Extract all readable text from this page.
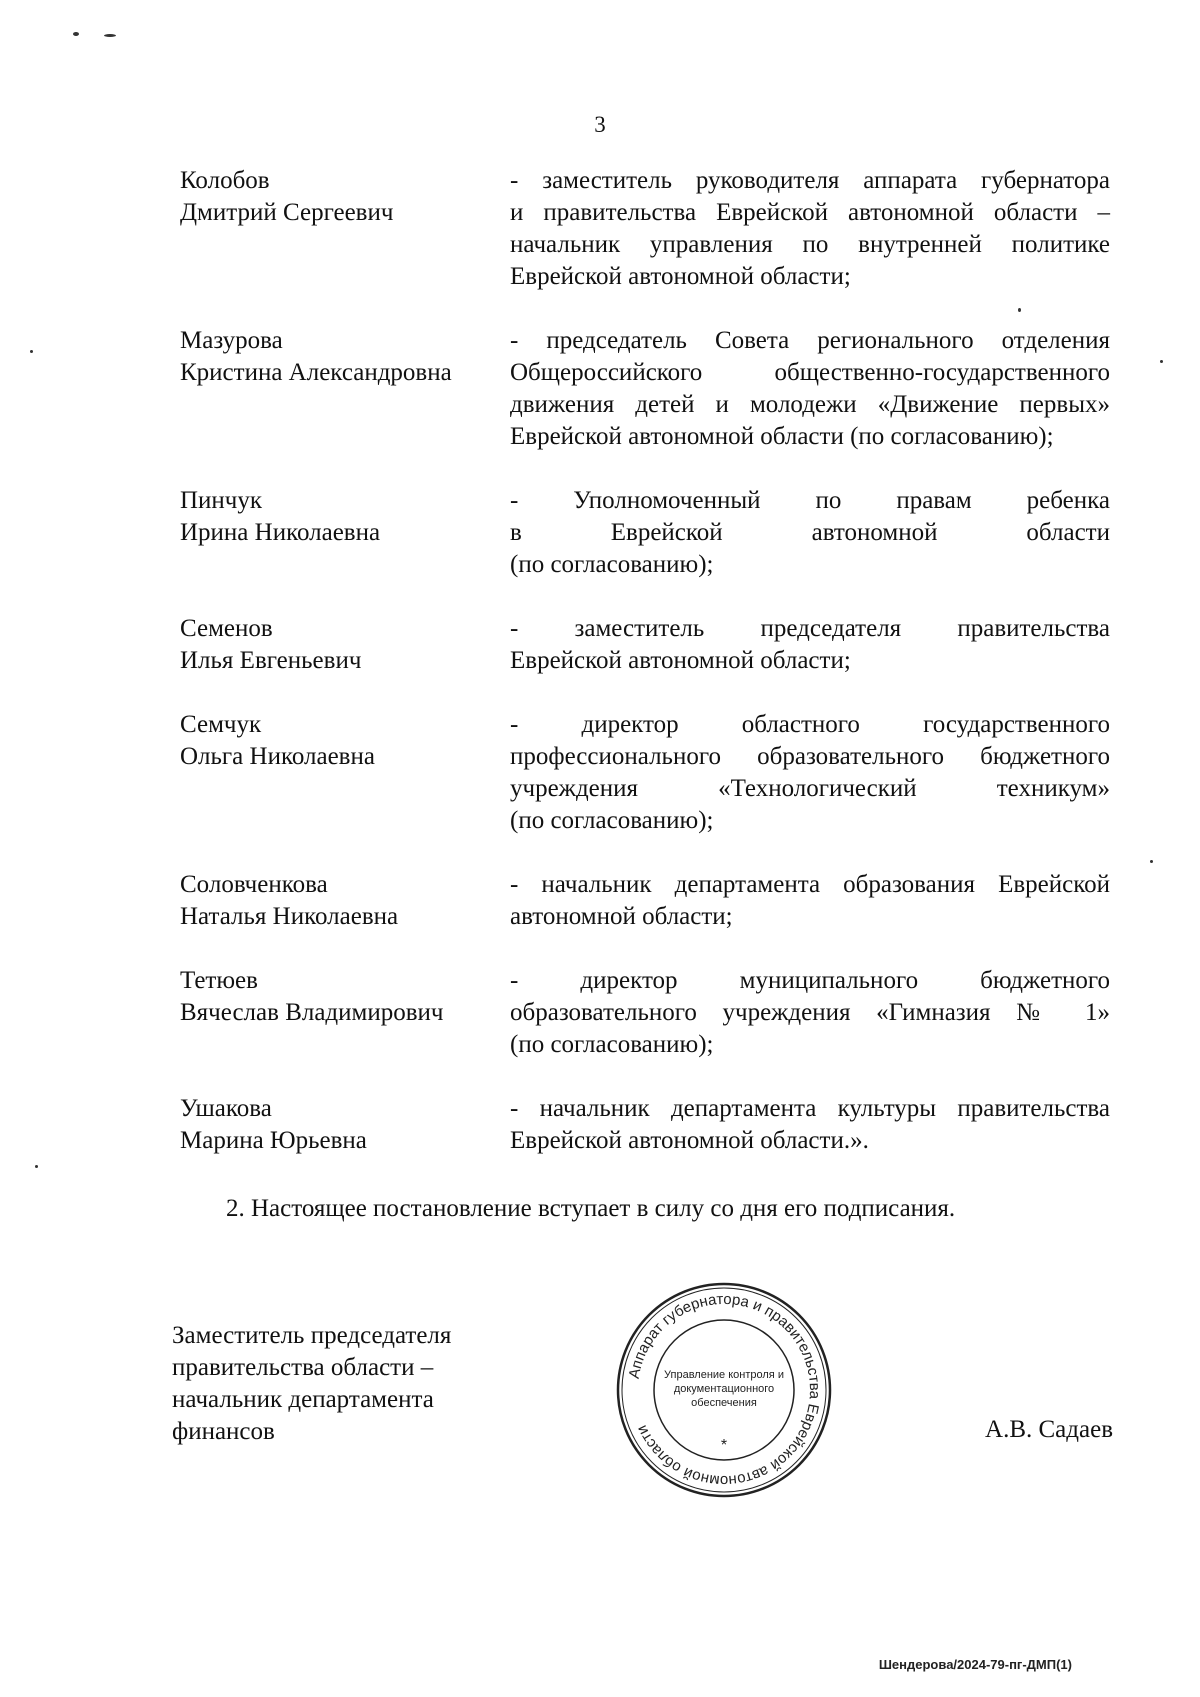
3
Колобов
Дмитрий Сергеевич
- заместитель руководителя аппарата губернатора
и правительства Еврейской автономной области –
начальник управления по внутренней политике
Еврейской автономной области;
Мазурова
Кристина Александровна
- председатель Совета регионального отделения
Общероссийского общественно-государственного
движения детей и молодежи «Движение первых»
Еврейской автономной области (по согласованию);
Пинчук
Ирина Николаевна
- Уполномоченный по правам ребенка
в Еврейской автономной области
(по согласованию);
Семенов
Илья Евгеньевич
- заместитель председателя правительства
Еврейской автономной области;
Семчук
Ольга Николаевна
- директор областного государственного
профессионального образовательного бюджетного
учреждения «Технологический техникум»
(по согласованию);
Соловченкова
Наталья Николаевна
- начальник департамента образования Еврейской
автономной области;
Тетюев
Вячеслав Владимирович
- директор муниципального бюджетного
образовательного учреждения «Гимназия № 1»
(по согласованию);
Ушакова
Марина Юрьевна
- начальник департамента культуры правительства
Еврейской автономной области.».
2. Настоящее постановление вступает в силу со дня его подписания.
Заместитель председателя
правительства области –
начальник департамента
финансов
Аппарат губернатора и правительства Еврейской автономной области
*
Управление контроля и
документационного
обеспечения
А.В. Садаев
Шендерова/2024-79-пг-ДМП(1)
